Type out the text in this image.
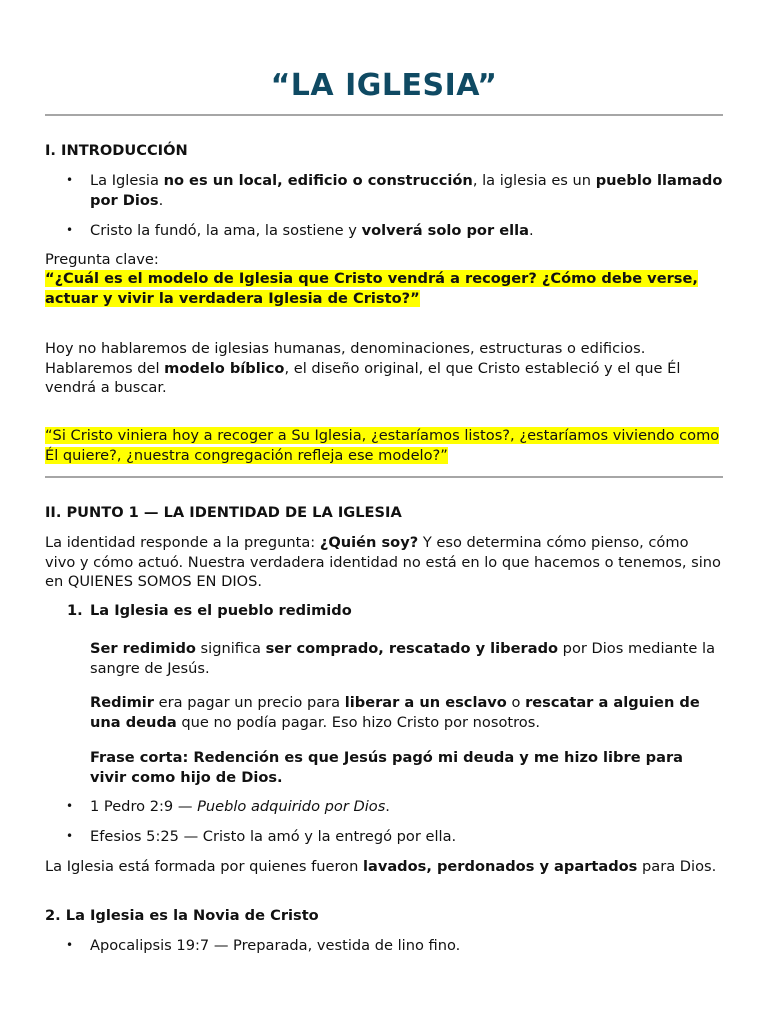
“LA IGLESIA”
I. INTRODUCCIÓN
• La Iglesia no es un local, edificio o construcción, la iglesia es un pueblo llamado por Dios.
• Cristo la fundó, la ama, la sostiene y volverá solo por ella.
Pregunta clave:
“¿Cuál es el modelo de Iglesia que Cristo vendrá a recoger? ¿Cómo debe verse, actuar y vivir la verdadera Iglesia de Cristo?”
Hoy no hablaremos de iglesias humanas, denominaciones, estructuras o edificios. Hablaremos del modelo bíblico, el diseño original, el que Cristo estableció y el que Él vendrá a buscar.
“Si Cristo viniera hoy a recoger a Su Iglesia, ¿estaríamos listos?, ¿estaríamos viviendo como Él quiere?, ¿nuestra congregación refleja ese modelo?”
II. PUNTO 1 — LA IDENTIDAD DE LA IGLESIA
La identidad responde a la pregunta: ¿Quién soy? Y eso determina cómo pienso, cómo vivo y cómo actuó. Nuestra verdadera identidad no está en lo que hacemos o tenemos, sino en QUIENES SOMOS EN DIOS.
1. La Iglesia es el pueblo redimido
Ser redimido significa ser comprado, rescatado y liberado por Dios mediante la sangre de Jesús.
Redimir era pagar un precio para liberar a un esclavo o rescatar a alguien de una deuda que no podía pagar. Eso hizo Cristo por nosotros.
Frase corta: Redención es que Jesús pagó mi deuda y me hizo libre para vivir como hijo de Dios.
• 1 Pedro 2:9 — Pueblo adquirido por Dios.
• Efesios 5:25 — Cristo la amó y la entregó por ella.
La Iglesia está formada por quienes fueron lavados, perdonados y apartados para Dios.
2. La Iglesia es la Novia de Cristo
• Apocalipsis 19:7 — Preparada, vestida de lino fino.
